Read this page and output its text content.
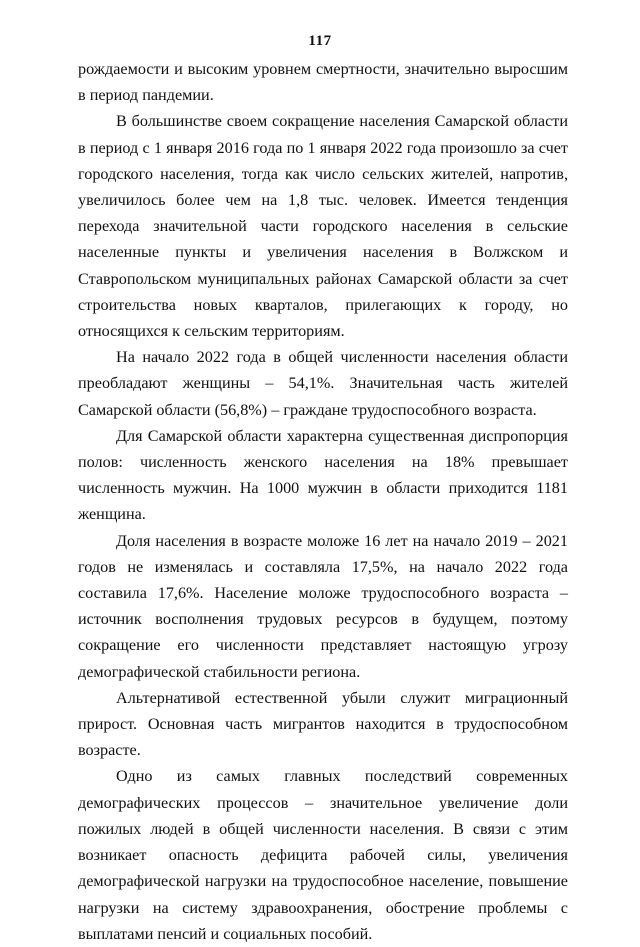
117

рождаемости и высоким уровнем смертности, значительно выросшим в период пандемии.

В большинстве своем сокращение населения Самарской области в период с 1 января 2016 года по 1 января 2022 года произошло за счет городского населения, тогда как число сельских жителей, напротив, увеличилось более чем на 1,8 тыс. человек. Имеется тенденция перехода значительной части городского населения в сельские населенные пункты и увеличения населения в Волжском и Ставропольском муниципальных районах Самарской области за счет строительства новых кварталов, прилегающих к городу, но относящихся к сельским территориям.

На начало 2022 года в общей численности населения области преобладают женщины – 54,1%. Значительная часть жителей Самарской области (56,8%) – граждане трудоспособного возраста.

Для Самарской области характерна существенная диспропорция полов: численность женского населения на 18% превышает численность мужчин. На 1000 мужчин в области приходится 1181 женщина.

Доля населения в возрасте моложе 16 лет на начало 2019 – 2021 годов не изменялась и составляла 17,5%, на начало 2022 года составила 17,6%. Население моложе трудоспособного возраста – источник восполнения трудовых ресурсов в будущем, поэтому сокращение его численности представляет настоящую угрозу демографической стабильности региона.

Альтернативой естественной убыли служит миграционный прирост. Основная часть мигрантов находится в трудоспособном возрасте.

Одно из самых главных последствий современных демографических процессов – значительное увеличение доли пожилых людей в общей численности населения. В связи с этим возникает опасность дефицита рабочей силы, увеличения демографической нагрузки на трудоспособное население, повышение нагрузки на систему здравоохранения, обострение проблемы с выплатами пенсий и социальных пособий.
